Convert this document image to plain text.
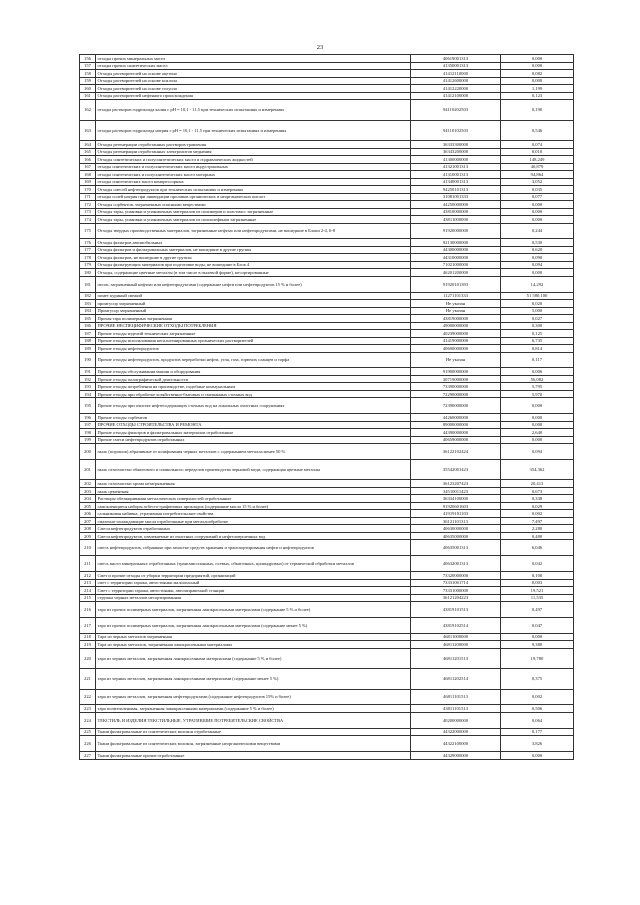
23
156	отходы прочих минеральных масел	40619001313	0,000
157	отходы прочих синтетических масел	41350001313	0,000
158	Отходы растворителей на основе ацетона	41412110000	0,082
159	Отходы растворителей на основе ксилола	41412600000	0,000
160	Отходы растворителей на основе толуола	41412220000	1,199
161	Отходы растворителей нефтяного происхождения	41412100000	0,123
162	отходы растворов гидроксида калия с pH = 10,1 - 11,5 при технических испытаниях и измерениях	94110202503	0,190
163	отходы растворов гидроксида натрия с pH = 10,1 - 11,5 при технических испытаниях и измерениях	94110102503	0,546
164	Отходы регенерации отработанных растворов травления	36333300000	0,074
165	Отходы регенерации отработанных электролитов меднения	36343200000	0,010
166	Отходы синтетических и полусинтетических масел и гидравлических жидкостей	41300000000	148,249
167	отходы синтетических и полусинтетических масел индустриальных	41321001313	40,879
168	отходы синтетических и полусинтетических масел моторных	41310001313	94,864
169	отходы синтетических масел компрессорных	41340001313	3,052
170	Отходы смесей нефтепродуктов при технических испытаниях и измерениях	94250101313	0,035
171	отходы солей натрия при ликвидации проливов органических и неорганических кислот	31081001333	0,077
172	Отходы сорбентов, загрязненных опасными веществами	44250000000	0,000
173	Отходы тары, упаковки и упаковочных материалов из полимеров и пластмасс загрязненные	43810000000	0,000
174	Отходы тары, упаковки и упаковочных материалов из полиолефинов загрязненные	43811000000	0,000
175	Отходы твердых производственных материалов, загрязненные нефтью или нефтепродуктами, не вошедшие в Блоки 2-4, 6-8	91920000000	0,244
176	Отходы фильтров автомобильных	92130000000	0,530
177	Отходы фильтров и фильтровальных материалов, не вошедшие в другие группы	44300000000	0,620
178	Отходы фильтров, не вошедшие в другие группы	44310000000	0,090
179	Отходы фильтрующих материалов при подготовке воды, не вошедшие в Блок 4	71021000000	0,094
180	Отходы, содержащие цветные металлы (в том числе в пылевой форме), несортированные	46201200000	0,000
181	песок, загрязненный нефтью или нефтепродуктами (содержание нефти или нефтепродуктов 15 % и более)	91920101393	14,292
182	помет куриный свежий	11271101333	51 580,100
183	промгусор загрязненный	Не указан	0,020
184	Промгусор загрязненный	Не указан	5,000
185	Прочая тара полимерных загрязненная	43819000000	0,027
186	ПРОЧИЕ НЕСПЕЦИФИЧЕСКИЕ ОТХОДЫ ПОТРЕБЛЕНИЯ	49000000000	0,300
187	Прочие отходы изделий технических загрязненные	40239000000	0,125
188	Прочие отходы использования негалогенированных органических растворителей	41419000000	6,735
189	Прочие отходы нефтепродуктов	40690000000	0,814
190	Прочие отходы нефтепродуктов, продуктов переработки нефти, угля, газа, горючих сланцев и торфа	Не указан	0,117
191	Прочие отходы обслуживания машин и оборудования	91900000000	0,006
192	Прочие отходы полиграфической деятельности	30719000000	56,082
193	Прочие отходы потребления на производстве, подобные коммунальным	73390000000	5,795
194	Прочие отходы при обработке хозяйственно-бытовых и смешанных сточных вод	72290000000	5,970
195	Прочие отходы при очистке нефтесодержащих сточных вод на локальных очистных сооружениях	72390000000	0,000
196	Прочие отходы сорбентов	44260000000	0,000
197	ПРОЧИЕ ОТХОДЫ СТРОИТЕЛЬСТВА И РЕМОНТА	89000000000	0,000
198	Прочие отходы фильтров и фильтровальных материалов отработанные	44390000000	2,640
199	Прочие смеси нефтепродуктов отработанных	40659000000	0,000
200	пыль (порошок) абразивные от шлифования черных металлов с содержанием металла менее 50 %	36122102424	0,094
201	пыль газоочистки обжигового и плавильного переделов производства черновой меди, содержащая цветные металлы	35542001423	354,362
202	пыль газоочистки хрома незагрязненная	36123207423	20,413
203	пыль цементная	34510011423	0,673
204	Растворы обезжиривания металлических поверхностей отработанные	36334100000	0,338
205	самоклеящиеся наборы асбесто-графитовых прокладок (содержание масла 15 % и более)	91920601603	0,029
206	сальниковая набивка, утратившая потребительские свойства	41919101103	0,002
207	смазочно-охлаждающие масла отработанные при металлообработке	36121101313	7,497
208	Смеси нефтепродуктов отработанных	40630000000	2,280
209	Смеси нефтепродуктов, извлекаемые из очистных сооружений и нефтеловушечных вод	40635000000	0,480
210	смесь нефтепродуктов, собранные при зачистке средств хранения и транспортирования нефти и нефтепродуктов	40635001313	6,046
211	смесь масел минеральных отработанных (трансмиссионных, осевых, обкаточных, цилиндровых) от термической обработки металлов	40632001313	0,042
212	Смет и прочие отходы от уборки территории предприятий, организаций	73320000000	0,100
213	смет с территории гаража, автостоянки малоопасный	73331001714	0,003
214	Смет с территории гаража, автостоянки, автозаправочной станции	73331000000	19,521
215	стружка черных металлов несортированная	36121204223	11,535
216	тара из прочих полимерных материалов, загрязненная лакокрасочными материалами (содержание 5 % и более)	43819101513	0,497
217	тара из прочих полимерных материалов, загрязненная лакокрасочными материалами (содержание менее 5 %)	43819102514	0,047
218	Тара из черных металлов загрязненная	46811000000	0,000
219	Тара из черных металлов, загрязненная лакокрасочными материалами	46811200000	9,380
220	тара из черных металлов, загрязненная лакокрасочными материалами (содержание 5 % и более)	46811201513	19,780
221	тара из черных металлов, загрязненная лакокрасочными материалами (содержание менее 5 %)	46811202514	0,375
222	тара из черных металлов, загрязненная нефтепродуктами (содержание нефтепродуктов 15% и более)	46811101513	0,002
223	тара полиэтиленовая, загрязненная лакокрасочными материалами (содержание 5 % и более)	43811101513	0,506
224	ТЕКСТИЛЬ И ИЗДЕЛИЯ ТЕКСТИЛЬНЫЕ, УТРАТИВШИЕ ПОТРЕБИТЕЛЬСКИЕ СВОЙСТВА	40200000000	0,064
225	Ткани фильтровальные из синтетических волокон отработанные	44322000000	0,177
226	Ткани фильтровальные из синтетических волокон, загрязненные неорганическими веществами	44322100000	3,826
227	Ткани фильтровальные прочие отработанные	44329000000	0,000
